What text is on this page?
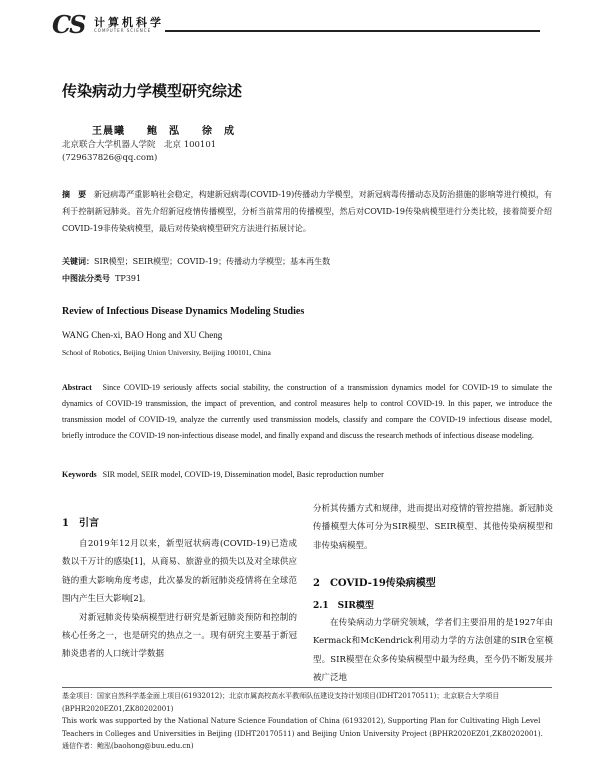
CS 计算机科学
COMPUTER SCIENCE
传染病动力学模型研究综述
王晨曦　　鲍　泓　　徐　成
北京联合大学机器人学院　北京 100101
(729637826@qq.com)
摘　要 新冠病毒严重影响社会稳定，构建新冠病毒(COVID-19)传播动力学模型，对新冠病毒传播动态及防治措施的影响等进行模拟，有利于控制新冠肺炎。首先介绍新冠疫情传播模型，分析当前常用的传播模型，然后对COVID-19传染病模型进行分类比较，接着简要介绍COVID-19非传染病模型，最后对传染病模型研究方法进行拓展讨论。
关键词：SIR模型；SEIR模型；COVID-19；传播动力学模型；基本再生数
中图法分类号 TP391
Review of Infectious Disease Dynamics Modeling Studies
WANG Chen-xi, BAO Hong and XU Cheng
School of Robotics, Beijing Union University, Beijing 100101, China
Abstract Since COVID-19 seriously affects social stability, the construction of a transmission dynamics model for COVID-19 to simulate the dynamics of COVID-19 transmission, the impact of prevention, and control measures help to control COVID-19. In this paper, we introduce the transmission model of COVID-19, analyze the currently used transmission models, classify and compare the COVID-19 infectious disease model, briefly introduce the COVID-19 non-infectious disease model, and finally expand and discuss the research methods of infectious disease modeling.
Keywords SIR model, SEIR model, COVID-19, Dissemination model, Basic reproduction number
1　引言

自2019年12月以来，新型冠状病毒(COVID-19)已造成数以千万计的感染[1]，从商易、旅游业的损失以及对全球供应链的重大影响角度考虑，此次暴发的新冠肺炎疫情将在全球范围内产生巨大影响[2]。

对新冠肺炎传染病模型进行研究是新冠肺炎预防和控制的核心任务之一，也是研究的热点之一。现有研究主要基于新冠肺炎患者的人口统计学数据

分析其传播方式和规律，进而提出对疫情的管控措施。新冠肺炎传播模型大体可分为SIR模型、SEIR模型、其他传染病模型和非传染病模型。

2　COVID-19传染病模型
2.1　SIR模型

在传染病动力学研究领域，学者们主要沿用的是1927年由Kermack和McKendrick利用动力学的方法创建的SIR仓室模型。SIR模型在众多传染病模型中最为经典，至今仍不断发展并被广泛地

基金项目：国家自然科学基金面上项目(61932012)；北京市属高校高水平教师队伍建设支持计划项目(IDHT20170511)；北京联合大学项目(BPHR2020EZ01,ZK80202001)
This work was supported by the National Nature Science Foundation of China (61932012), Supporting Plan for Cultivating High Level Teachers in Colleges and Universities in Beijing (IDHT20170511) and Beijing Union University Project (BPHR2020EZ01,ZK80202001).
通信作者：鲍泓(baohong@buu.edu.cn)
